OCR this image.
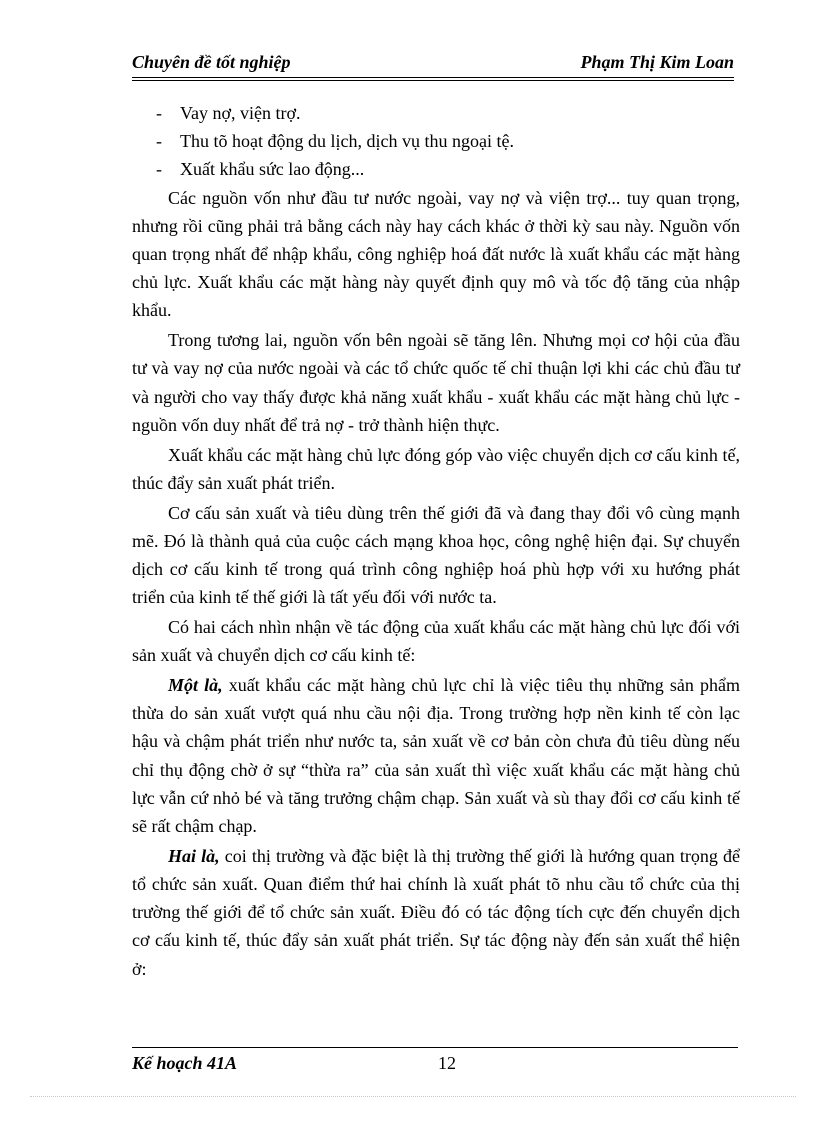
Chuyên đề tốt nghiệp	Phạm Thị Kim Loan
- Vay nợ, viện trợ.
- Thu tõ hoạt động du lịch, dịch vụ thu ngoại tệ.
- Xuất khẩu sức lao động...

Các nguồn vốn như đầu tư nước ngoài, vay nợ và viện trợ... tuy quan trọng, nhưng rồi cũng phải trả bằng cách này hay cách khác ở thời kỳ sau này. Nguồn vốn quan trọng nhất để nhập khẩu, công nghiệp hoá đất nước là xuất khẩu các mặt hàng chủ lực. Xuất khẩu các mặt hàng này quyết định quy mô và tốc độ tăng của nhập khẩu.

Trong tương lai, nguồn vốn bên ngoài sẽ tăng lên. Nhưng mọi cơ hội của đầu tư và vay nợ của nước ngoài và các tổ chức quốc tế chỉ thuận lợi khi các chủ đầu tư và người cho vay thấy được khả năng xuất khẩu - xuất khẩu các mặt hàng chủ lực - nguồn vốn duy nhất để trả nợ - trở thành hiện thực.

Xuất khẩu các mặt hàng chủ lực đóng góp vào việc chuyển dịch cơ cấu kinh tế, thúc đẩy sản xuất phát triển.

Cơ cấu sản xuất và tiêu dùng trên thế giới đã và đang thay đổi vô cùng mạnh mẽ. Đó là thành quả của cuộc cách mạng khoa học, công nghệ hiện đại. Sự chuyển dịch cơ cấu kinh tế trong quá trình công nghiệp hoá phù hợp với xu hướng phát triển của kinh tế thế giới là tất yếu đối với nước ta.

Có hai cách nhìn nhận về tác động của xuất khẩu các mặt hàng chủ lực đối với sản xuất và chuyển dịch cơ cấu kinh tế:

Một là, xuất khẩu các mặt hàng chủ lực chỉ là việc tiêu thụ những sản phẩm thừa do sản xuất vượt quá nhu cầu nội địa. Trong trường hợp nền kinh tế còn lạc hậu và chậm phát triển như nước ta, sản xuất về cơ bản còn chưa đủ tiêu dùng nếu chỉ thụ động chờ ở sự “thừa ra” của sản xuất thì việc xuất khẩu các mặt hàng chủ lực vẫn cứ nhỏ bé và tăng trưởng chậm chạp. Sản xuất và sù thay đổi cơ cấu kinh tế sẽ rất chậm chạp.

Hai là, coi thị trường và đặc biệt là thị trường thế giới là hướng quan trọng để tổ chức sản xuất. Quan điểm thứ hai chính là xuất phát tõ nhu cầu tổ chức của thị trường thế giới để tổ chức sản xuất. Điều đó có tác động tích cực đến chuyển dịch cơ cấu kinh tế, thúc đẩy sản xuất phát triển. Sự tác động này đến sản xuất thể hiện ở:

Kế hoạch 41A	12
